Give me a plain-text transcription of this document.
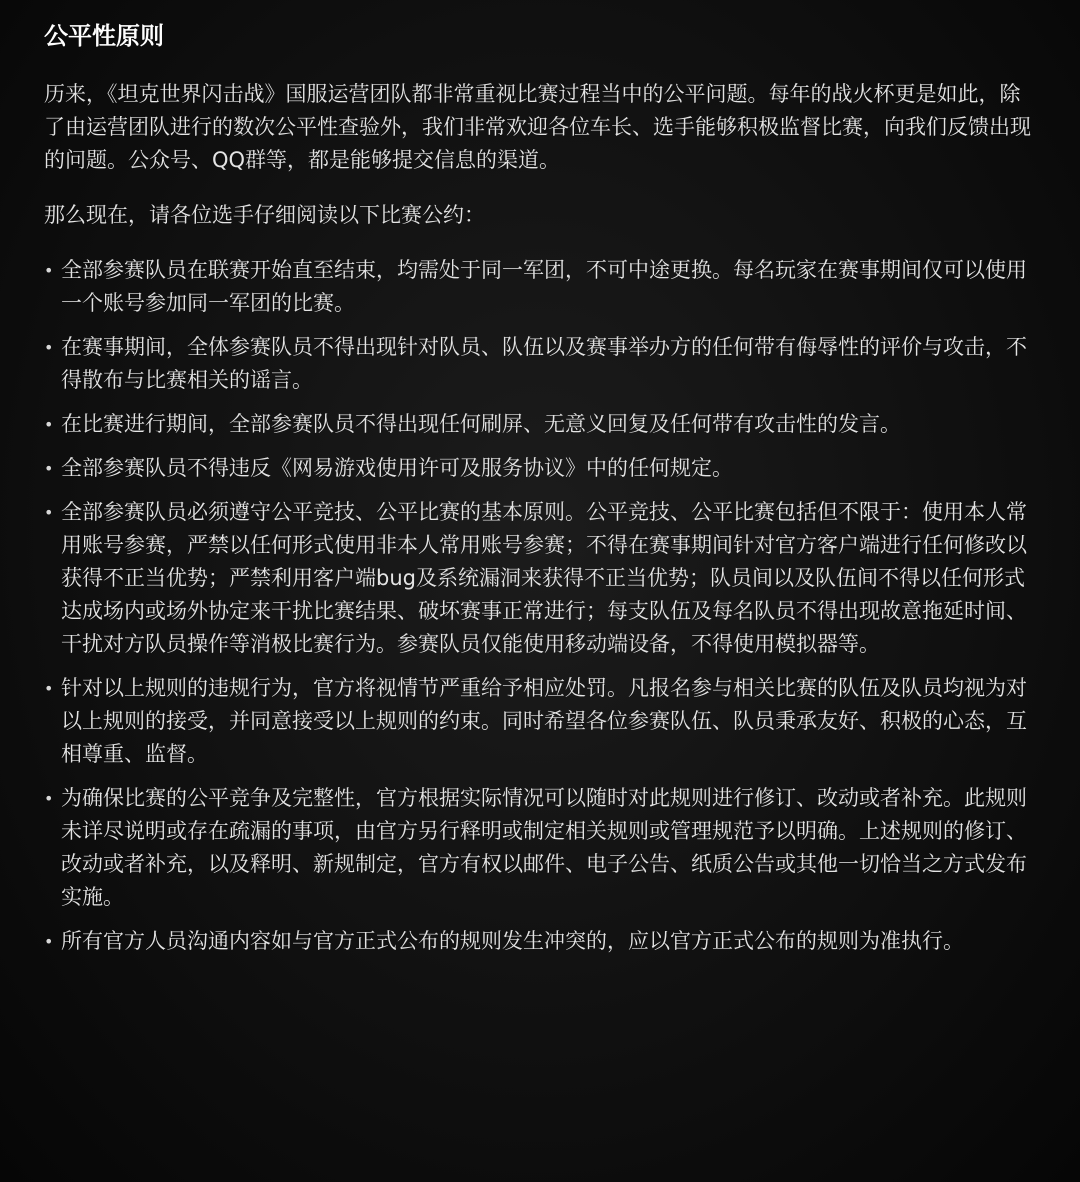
公平性原则
历来，《坦克世界闪击战》国服运营团队都非常重视比赛过程当中的公平问题。每年的战火杯更是如此，除了由运营团队进行的数次公平性查验外，我们非常欢迎各位车长、选手能够积极监督比赛，向我们反馈出现的问题。公众号、QQ群等，都是能够提交信息的渠道。
那么现在，请各位选手仔细阅读以下比赛公约：
• 全部参赛队员在联赛开始直至结束，均需处于同一军团，不可中途更换。每名玩家在赛事期间仅可以使用一个账号参加同一军团的比赛。
• 在赛事期间，全体参赛队员不得出现针对队员、队伍以及赛事举办方的任何带有侮辱性的评价与攻击，不得散布与比赛相关的谣言。
• 在比赛进行期间，全部参赛队员不得出现任何刷屏、无意义回复及任何带有攻击性的发言。
• 全部参赛队员不得违反《网易游戏使用许可及服务协议》中的任何规定。
• 全部参赛队员必须遵守公平竞技、公平比赛的基本原则。公平竞技、公平比赛包括但不限于：使用本人常用账号参赛，严禁以任何形式使用非本人常用账号参赛；不得在赛事期间针对官方客户端进行任何修改以获得不正当优势；严禁利用客户端bug及系统漏洞来获得不正当优势；队员间以及队伍间不得以任何形式达成场内或场外协定来干扰比赛结果、破坏赛事正常进行；每支队伍及每名队员不得出现故意拖延时间、干扰对方队员操作等消极比赛行为。参赛队员仅能使用移动端设备，不得使用模拟器等。
• 针对以上规则的违规行为，官方将视情节严重给予相应处罚。凡报名参与相关比赛的队伍及队员均视为对以上规则的接受，并同意接受以上规则的约束。同时希望各位参赛队伍、队员秉承友好、积极的心态，互相尊重、监督。
• 为确保比赛的公平竞争及完整性，官方根据实际情况可以随时对此规则进行修订、改动或者补充。此规则未详尽说明或存在疏漏的事项，由官方另行释明或制定相关规则或管理规范予以明确。上述规则的修订、改动或者补充，以及释明、新规制定，官方有权以邮件、电子公告、纸质公告或其他一切恰当之方式发布实施。
• 所有官方人员沟通内容如与官方正式公布的规则发生冲突的，应以官方正式公布的规则为准执行。
